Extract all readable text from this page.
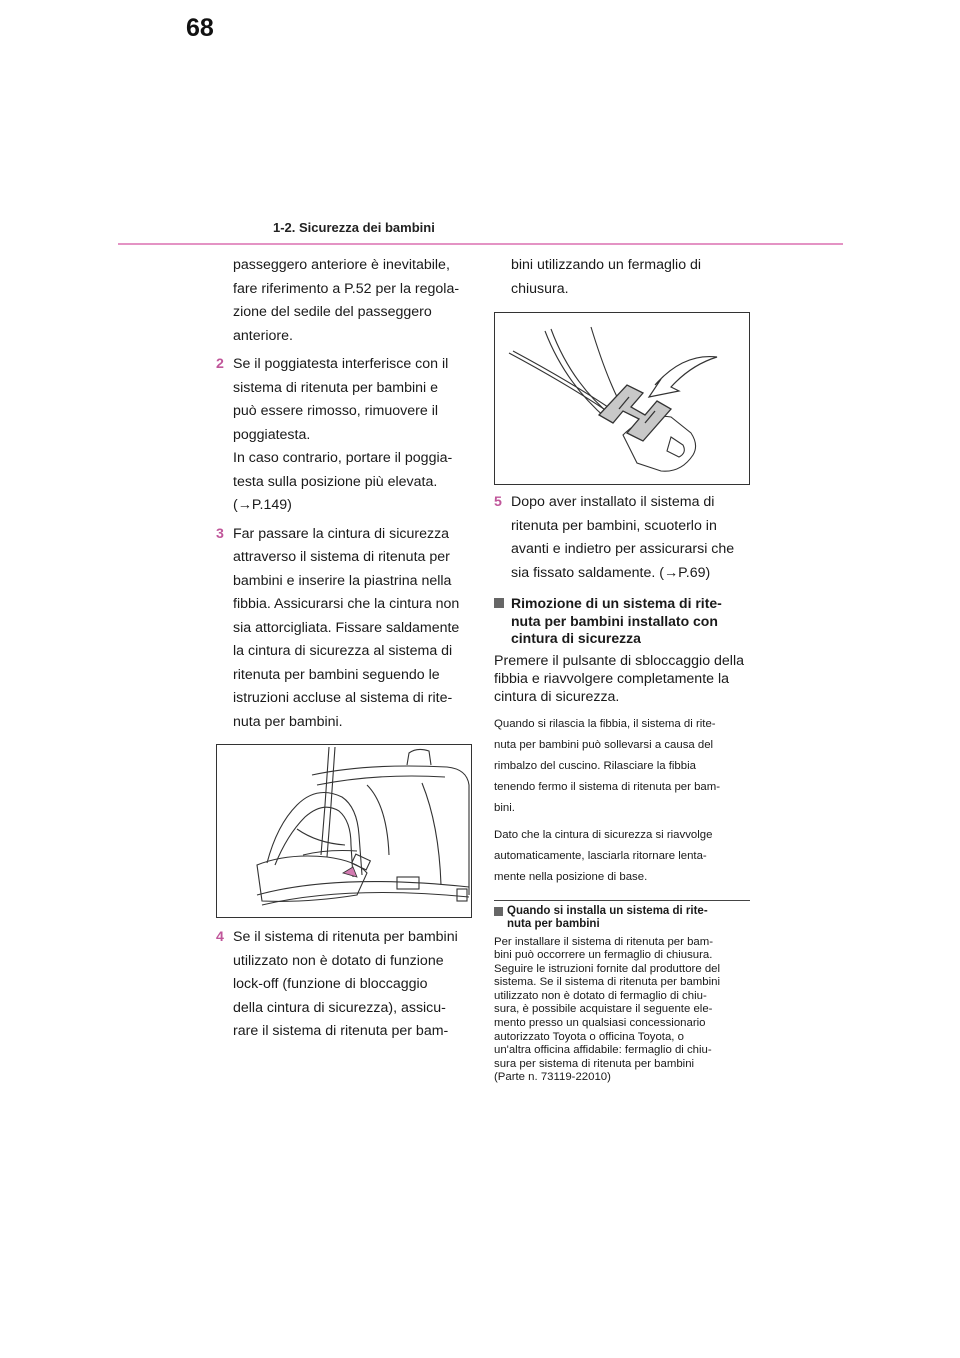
68
1-2. Sicurezza dei bambini

passeggero anteriore è inevitabile,
fare riferimento a P.52 per la regola-
zione del sedile del passeggero
anteriore.

2 Se il poggiatesta interferisce con il
sistema di ritenuta per bambini e
può essere rimosso, rimuovere il
poggiatesta.
In caso contrario, portare il poggia-
testa sulla posizione più elevata.
(→P.149)
3 Far passare la cintura di sicurezza
attraverso il sistema di ritenuta per
bambini e inserire la piastrina nella
fibbia. Assicurarsi che la cintura non
sia attorcigliata. Fissare saldamente
la cintura di sicurezza al sistema di
ritenuta per bambini seguendo le
istruzioni accluse al sistema di rite-
nuta per bambini.
4 Se il sistema di ritenuta per bambini
utilizzato non è dotato di funzione
lock-off (funzione di bloccaggio
della cintura di sicurezza), assicu-
rare il sistema di ritenuta per bam-

bini utilizzando un fermaglio di
chiusura.

5 Dopo aver installato il sistema di
ritenuta per bambini, scuoterlo in
avanti e indietro per assicurarsi che
sia fissato saldamente. (→P.69)
Rimozione di un sistema di rite-
nuta per bambini installato con
cintura di sicurezza

Premere il pulsante di sbloccaggio della
fibbia e riavvolgere completamente la
cintura di sicurezza.

Quando si rilascia la fibbia, il sistema di rite-
nuta per bambini può sollevarsi a causa del
rimbalzo del cuscino. Rilasciare la fibbia
tenendo fermo il sistema di ritenuta per bam-
bini.

Dato che la cintura di sicurezza si riavvolge
automaticamente, lasciarla ritornare lenta-
mente nella posizione di base.

Quando si installa un sistema di rite-
nuta per bambini

Per installare il sistema di ritenuta per bam-
bini può occorrere un fermaglio di chiusura.
Seguire le istruzioni fornite dal produttore del
sistema. Se il sistema di ritenuta per bambini
utilizzato non è dotato di fermaglio di chiu-
sura, è possibile acquistare il seguente ele-
mento presso un qualsiasi concessionario
autorizzato Toyota o officina Toyota, o
un'altra officina affidabile: fermaglio di chiu-
sura per sistema di ritenuta per bambini
(Parte n. 73119-22010)
